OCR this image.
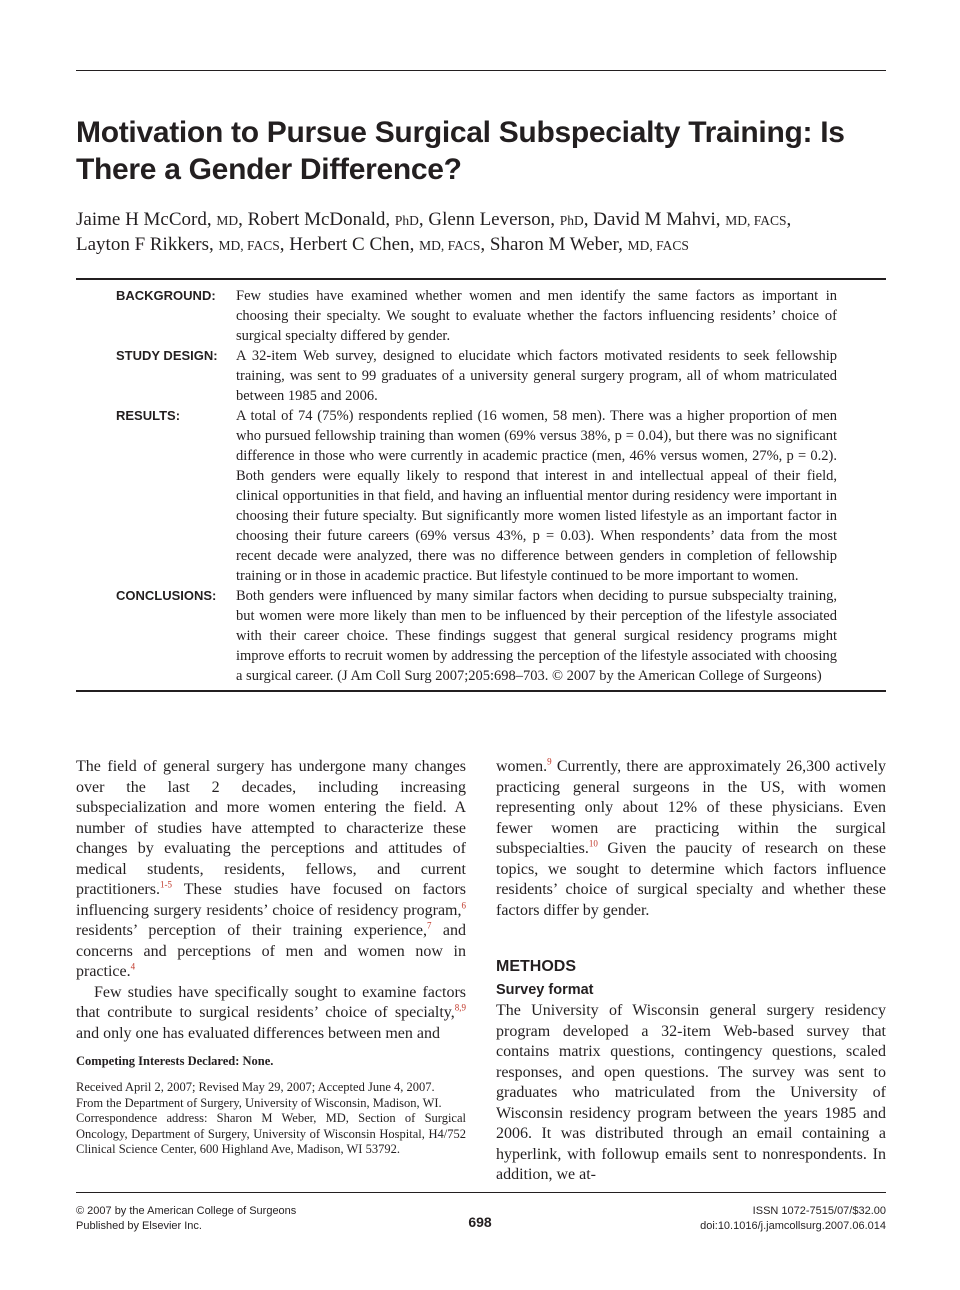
Motivation to Pursue Surgical Subspecialty Training: Is There a Gender Difference?
Jaime H McCord, MD, Robert McDonald, PhD, Glenn Leverson, PhD, David M Mahvi, MD, FACS,
Layton F Rikkers, MD, FACS, Herbert C Chen, MD, FACS, Sharon M Weber, MD, FACS
BACKGROUND:	Few studies have examined whether women and men identify the same factors as important in choosing their specialty. We sought to evaluate whether the factors influencing residents’ choice of surgical specialty differed by gender.
STUDY DESIGN:	A 32-item Web survey, designed to elucidate which factors motivated residents to seek fellowship training, was sent to 99 graduates of a university general surgery program, all of whom matriculated between 1985 and 2006.
RESULTS:	A total of 74 (75%) respondents replied (16 women, 58 men). There was a higher proportion of men who pursued fellowship training than women (69% versus 38%, p = 0.04), but there was no significant difference in those who were currently in academic practice (men, 46% versus women, 27%, p = 0.2). Both genders were equally likely to respond that interest in and intellectual appeal of their field, clinical opportunities in that field, and having an influential mentor during residency were important in choosing their future specialty. But significantly more women listed lifestyle as an important factor in choosing their future careers (69% versus 43%, p = 0.03). When respondents’ data from the most recent decade were analyzed, there was no difference between genders in completion of fellowship training or in those in academic practice. But lifestyle continued to be more important to women.
CONCLUSIONS:	Both genders were influenced by many similar factors when deciding to pursue subspecialty training, but women were more likely than men to be influenced by their perception of the lifestyle associated with their career choice. These findings suggest that general surgical residency programs might improve efforts to recruit women by addressing the perception of the lifestyle associated with choosing a surgical career. (J Am Coll Surg 2007;205:698–703. © 2007 by the American College of Surgeons)

The field of general surgery has undergone many changes over the last 2 decades, including increasing subspecialization and more women entering the field. A number of studies have attempted to characterize these changes by evaluating the perceptions and attitudes of medical students, residents, fellows, and current practitioners.$^{1-5}$ These studies have focused on factors influencing surgery residents’ choice of residency program,$^6$ residents’ perception of their training experience,$^7$ and concerns and perceptions of men and women now in practice.$^4$

Few studies have specifically sought to examine factors that contribute to surgical residents’ choice of specialty,$^{8,9}$ and only one has evaluated differences between men and

Competing Interests Declared: None.
Received April 2, 2007; Revised May 29, 2007; Accepted June 4, 2007.
From the Department of Surgery, University of Wisconsin, Madison, WI.
Correspondence address: Sharon M Weber, MD, Section of Surgical Oncology, Department of Surgery, University of Wisconsin Hospital, H4/752 Clinical Science Center, 600 Highland Ave, Madison, WI 53792.

women.$^9$ Currently, there are approximately 26,300 actively practicing general surgeons in the US, with women representing only about 12% of these physicians. Even fewer women are practicing within the surgical subspecialties.$^{10}$ Given the paucity of research on these topics, we sought to determine which factors influence residents’ choice of surgical specialty and whether these factors differ by gender.

METHODS
Survey format

The University of Wisconsin general surgery residency program developed a 32-item Web-based survey that contains matrix questions, contingency questions, scaled responses, and open questions. The survey was sent to graduates who matriculated from the University of Wisconsin residency program between the years 1985 and 2006. It was distributed through an email containing a hyperlink, with followup emails sent to nonrespondents. In addition, we at-

© 2007 by the American College of Surgeons
Published by Elsevier Inc.	698
ISSN 1072-7515/07/$32.00
doi:10.1016/j.jamcollsurg.2007.06.014
